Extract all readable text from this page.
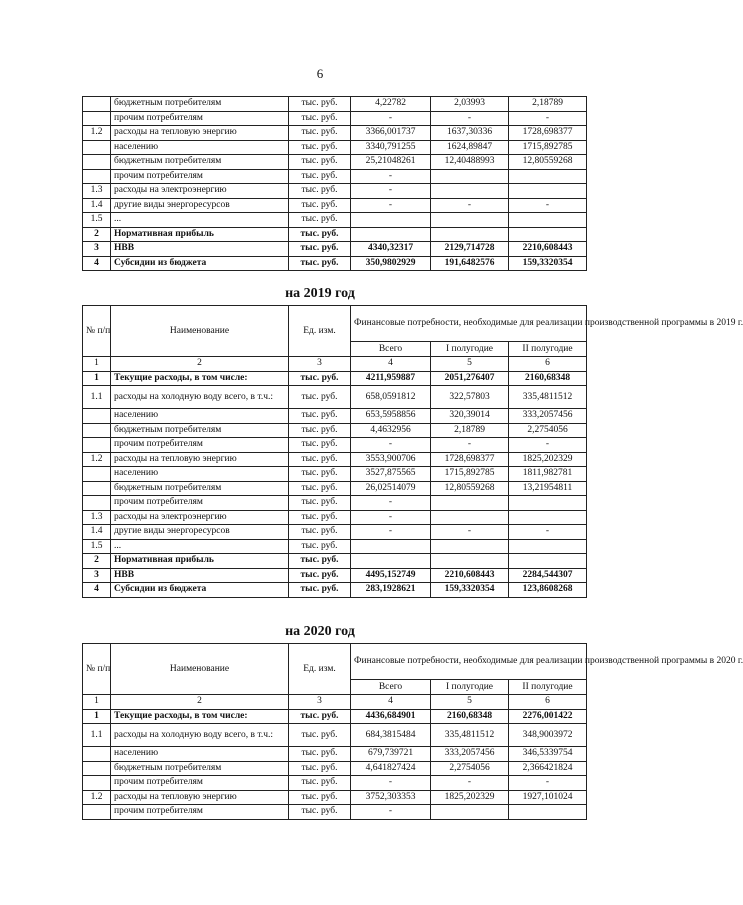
6
	бюджетным потребителям	тыс. руб.	4,22782	2,03993	2,18789
	прочим потребителям	тыс. руб.	-	-	-
1.2	расходы на тепловую энергию	тыс. руб.	3366,001737	1637,30336	1728,698377
	населению	тыс. руб.	3340,791255	1624,89847	1715,892785
	бюджетным потребителям	тыс. руб.	25,21048261	12,40488993	12,80559268
	прочим потребителям	тыс. руб.	-		
1.3	расходы на электроэнергию	тыс. руб.	-		
1.4	другие виды энергоресурсов	тыс. руб.	-	-	-
1.5	...	тыс. руб.			
2	Нормативная прибыль	тыс. руб.			
3	НВВ	тыс. руб.	4340,32317	2129,714728	2210,608443
4	Субсидии из бюджета	тыс. руб.	350,9802929	191,6482576	159,3320354
на 2019 год
№ п/п	Наименование	Ед. изм.	Финансовые потребности, необходимые для реализации производственной программы в 2019 г.		
			Всего	I полугодие	II полугодие
1	2	3	4	5	6
1	Текущие расходы, в том числе:	тыс. руб.	4211,959887	2051,276407	2160,68348
1.1	расходы на холодную воду всего, в т.ч.:	тыс. руб.	658,0591812	322,57803	335,4811512
	населению	тыс. руб.	653,5958856	320,39014	333,2057456
	бюджетным потребителям	тыс. руб.	4,4632956	2,18789	2,2754056
	прочим потребителям	тыс. руб.	-	-	-
1.2	расходы на тепловую энергию	тыс. руб.	3553,900706	1728,698377	1825,202329
	населению	тыс. руб.	3527,875565	1715,892785	1811,982781
	бюджетным потребителям	тыс. руб.	26,02514079	12,80559268	13,21954811
	прочим потребителям	тыс. руб.	-		
1.3	расходы на электроэнергию	тыс. руб.	-		
1.4	другие виды энергоресурсов	тыс. руб.	-	-	-
1.5	...	тыс. руб.			
2	Нормативная прибыль	тыс. руб.			
3	НВВ	тыс. руб.	4495,152749	2210,608443	2284,544307
4	Субсидии из бюджета	тыс. руб.	283,1928621	159,3320354	123,8608268
на 2020 год
№ п/п	Наименование	Ед. изм.	Финансовые потребности, необходимые для реализации производственной программы в 2020 г.		
			Всего	I полугодие	II полугодие
1	2	3	4	5	6
1	Текущие расходы, в том числе:	тыс. руб.	4436,684901	2160,68348	2276,001422
1.1	расходы на холодную воду всего, в т.ч.:	тыс. руб.	684,3815484	335,4811512	348,9003972
	населению	тыс. руб.	679,739721	333,2057456	346,5339754
	бюджетным потребителям	тыс. руб.	4,641827424	2,2754056	2,366421824
	прочим потребителям	тыс. руб.	-	-	-
1.2	расходы на тепловую энергию	тыс. руб.	3752,303353	1825,202329	1927,101024
	прочим потребителям	тыс. руб.	-		
